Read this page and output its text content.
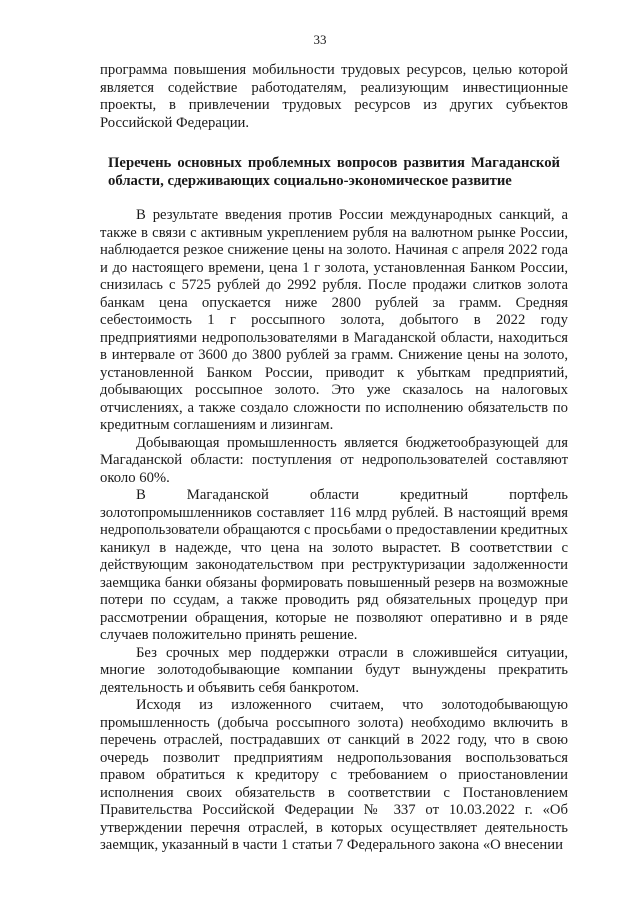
33

программа повышения мобильности трудовых ресурсов, целью которой является содействие работодателям, реализующим инвестиционные проекты, в привлечении трудовых ресурсов из других субъектов Российской Федерации.

Перечень основных проблемных вопросов развития Магаданской области, сдерживающих социально-экономическое развитие

В результате введения против России международных санкций, а также в связи с активным укреплением рубля на валютном рынке России, наблюдается резкое снижение цены на золото. Начиная с апреля 2022 года и до настоящего времени, цена 1 г золота, установленная Банком России, снизилась с 5725 рублей до 2992 рубля. После продажи слитков золота банкам цена опускается ниже 2800 рублей за грамм. Средняя себестоимость 1 г россыпного золота, добытого в 2022 году предприятиями недропользователями в Магаданской области, находиться в интервале от 3600 до 3800 рублей за грамм. Снижение цены на золото, установленной Банком России, приводит к убыткам предприятий, добывающих россыпное золото. Это уже сказалось на налоговых отчислениях, а также создало сложности по исполнению обязательств по кредитным соглашениям и лизингам.

Добывающая промышленность является бюджетообразующей для Магаданской области: поступления от недропользователей составляют около 60%.

В Магаданской области кредитный портфель золотопромышленников составляет 116 млрд рублей. В настоящий время недропользователи обращаются с просьбами о предоставлении кредитных каникул в надежде, что цена на золото вырастет. В соответствии с действующим законодательством при реструктуризации задолженности заемщика банки обязаны формировать повышенный резерв на возможные потери по ссудам, а также проводить ряд обязательных процедур при рассмотрении обращения, которые не позволяют оперативно и в ряде случаев положительно принять решение.

Без срочных мер поддержки отрасли в сложившейся ситуации, многие золотодобывающие компании будут вынуждены прекратить деятельность и объявить себя банкротом.

Исходя из изложенного считаем, что золотодобывающую промышленность (добыча россыпного золота) необходимо включить в перечень отраслей, пострадавших от санкций в 2022 году, что в свою очередь позволит предприятиям недропользования воспользоваться правом обратиться к кредитору с требованием о приостановлении исполнения своих обязательств в соответствии с Постановлением Правительства Российской Федерации № 337 от 10.03.2022 г. «Об утверждении перечня отраслей, в которых осуществляет деятельность заемщик, указанный в части 1 статьи 7 Федерального закона «О внесении
